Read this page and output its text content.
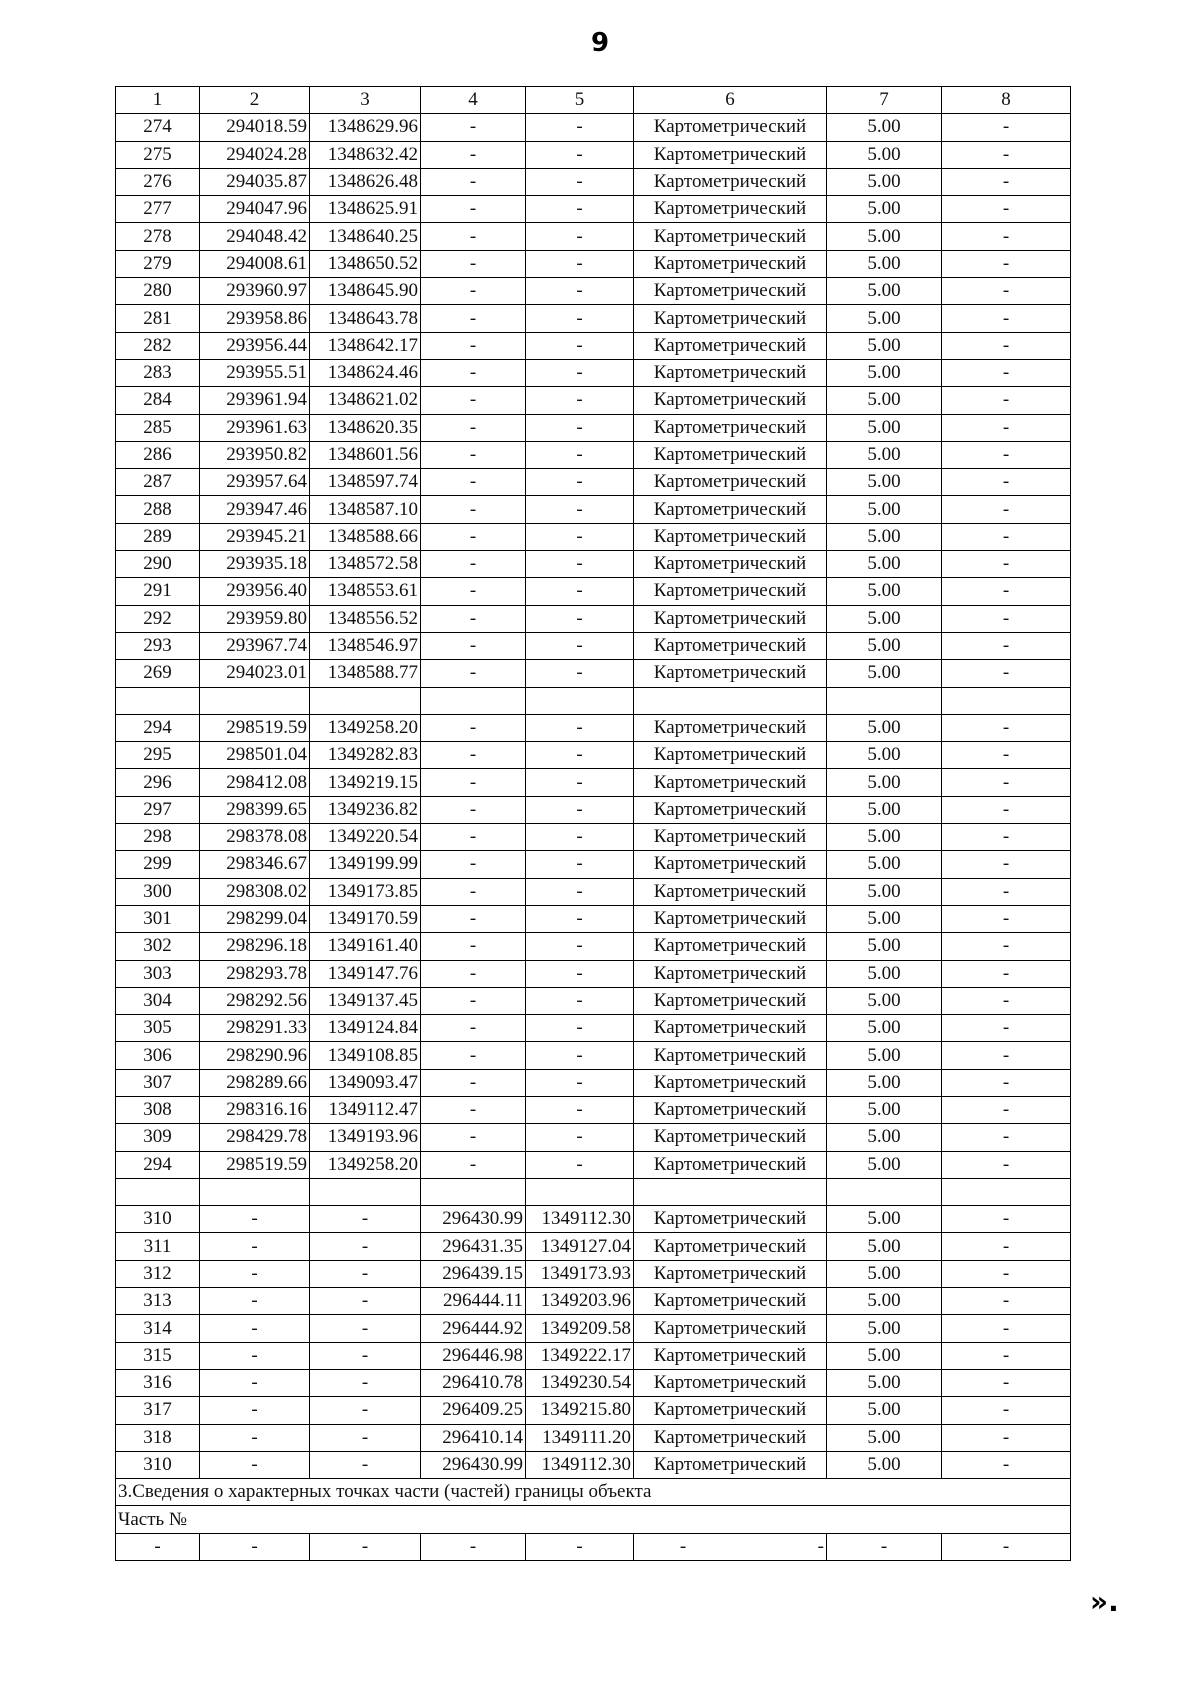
9
1	2	3	4	5	6	7	8
274	294018.59	1348629.96	-	-	Картометрический	5.00	-
275	294024.28	1348632.42	-	-	Картометрический	5.00	-
276	294035.87	1348626.48	-	-	Картометрический	5.00	-
277	294047.96	1348625.91	-	-	Картометрический	5.00	-
278	294048.42	1348640.25	-	-	Картометрический	5.00	-
279	294008.61	1348650.52	-	-	Картометрический	5.00	-
280	293960.97	1348645.90	-	-	Картометрический	5.00	-
281	293958.86	1348643.78	-	-	Картометрический	5.00	-
282	293956.44	1348642.17	-	-	Картометрический	5.00	-
283	293955.51	1348624.46	-	-	Картометрический	5.00	-
284	293961.94	1348621.02	-	-	Картометрический	5.00	-
285	293961.63	1348620.35	-	-	Картометрический	5.00	-
286	293950.82	1348601.56	-	-	Картометрический	5.00	-
287	293957.64	1348597.74	-	-	Картометрический	5.00	-
288	293947.46	1348587.10	-	-	Картометрический	5.00	-
289	293945.21	1348588.66	-	-	Картометрический	5.00	-
290	293935.18	1348572.58	-	-	Картометрический	5.00	-
291	293956.40	1348553.61	-	-	Картометрический	5.00	-
292	293959.80	1348556.52	-	-	Картометрический	5.00	-
293	293967.74	1348546.97	-	-	Картометрический	5.00	-
269	294023.01	1348588.77	-	-	Картометрический	5.00	-

294	298519.59	1349258.20	-	-	Картометрический	5.00	-
295	298501.04	1349282.83	-	-	Картометрический	5.00	-
296	298412.08	1349219.15	-	-	Картометрический	5.00	-
297	298399.65	1349236.82	-	-	Картометрический	5.00	-
298	298378.08	1349220.54	-	-	Картометрический	5.00	-
299	298346.67	1349199.99	-	-	Картометрический	5.00	-
300	298308.02	1349173.85	-	-	Картометрический	5.00	-
301	298299.04	1349170.59	-	-	Картометрический	5.00	-
302	298296.18	1349161.40	-	-	Картометрический	5.00	-
303	298293.78	1349147.76	-	-	Картометрический	5.00	-
304	298292.56	1349137.45	-	-	Картометрический	5.00	-
305	298291.33	1349124.84	-	-	Картометрический	5.00	-
306	298290.96	1349108.85	-	-	Картометрический	5.00	-
307	298289.66	1349093.47	-	-	Картометрический	5.00	-
308	298316.16	1349112.47	-	-	Картометрический	5.00	-
309	298429.78	1349193.96	-	-	Картометрический	5.00	-
294	298519.59	1349258.20	-	-	Картометрический	5.00	-

310	-	-	296430.99	1349112.30	Картометрический	5.00	-
311	-	-	296431.35	1349127.04	Картометрический	5.00	-
312	-	-	296439.15	1349173.93	Картометрический	5.00	-
313	-	-	296444.11	1349203.96	Картометрический	5.00	-
314	-	-	296444.92	1349209.58	Картометрический	5.00	-
315	-	-	296446.98	1349222.17	Картометрический	5.00	-
316	-	-	296410.78	1349230.54	Картометрический	5.00	-
317	-	-	296409.25	1349215.80	Картометрический	5.00	-
318	-	-	296410.14	1349111.20	Картометрический	5.00	-
310	-	-	296430.99	1349112.30	Картометрический	5.00	-
3.Сведения о характерных точках части (частей) границы объекта							
Часть №							
-	-	-	-	-	- -	-	-
».
